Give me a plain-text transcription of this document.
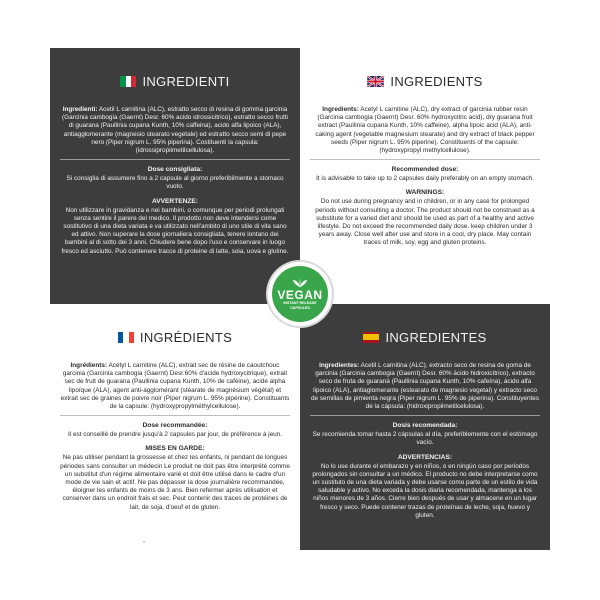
INGREDIENTI

Ingredienti: Acetil L carnitina (ALC), estratto secco di resina di gomma garcinia (Garcinia cambogia (Gaernt) Desr. 60% acido idrossicitrico), estratto secco frutti di guarana (Paullinia cupana Kunth, 10% caffeina), acido alfa lipoico (ALA), antiagglomerante (magnesio stearato vegetale) ed estratto secco semi di pepe nero (Piper nigrum L. 95% piperina). Costituenti la capsula: (idrossipropilmetilcellulosa).

Dose consigliata:

Si consiglia di assumere fino a 2 capsule al giorno preferibilmente a stomaco vuoto.

AVVERTENZE:

Non utilizzare in gravidanza e nei bambini, o comunque per periodi prolungati senza sentire il parere del medico. Il prodotto non deve intendersi come sostitutivo di una dieta variata e va utilizzato nell'ambito di uno stile di vita sano ed attivo. Non superare la dose giornaliera consigliata, tenere lontano dei bambini al di sotto dei 3 anni. Chiudere bene dopo l'uso e conservare in luogo fresco ed asciutto. Può contenere tracce di proteine di latte, soia, uova e glutine.

INGREDIENTS

Ingredients: Acetyl L carnitine (ALC), dry extract of garcinia rubber resin (Garcinia cambogia (Gaernt) Desr. 60% hydroxycitric acid), dry guarana fruit extract (Paullinia cupana Kunth, 10% caffeine), alpha lipoic acid (ALA), anti-caking agent (vegetable magnesium stearate) and dry extract of black pepper seeds (Piper nigrum L. 95% piperine). Constituents of the capsule: (hydroxypropyl methylcellulose).

Recommended dose:

It is advisable to take up to 2 capsules daily preferably on an empty stomach.

WARNINGS:

Do not use during pregnancy and in children, or in any case for prolonged periods without consulting a doctor. The product should not be construed as a substitute for a varied diet and should be used as part of a healthy and active lifestyle. Do not exceed the recommended daily dose. keep children under 3 years away. Close well after use and store in a cool, dry place. May contain traces of milk, soy, egg and gluten proteins.

INGRÉDIENTS

Ingrédients: Acétyl L carnitine (ALC), extrait sec de résine de caoutchouc garcinia (Garcinia cambogia (Gaernt) Desr.60% d'acide hydroxycitrique), extrait sec de fruit de guarana (Paullinia cupana Kunth, 10% de caféine), acide alpha lipoïque (ALA), agent anti-agglomérant (stéarate de magnésium végétal) et extrait sec de graines de poivre noir (Piper nigrum L. 95% pipérine). Constituants de la capsule: (hydroxypropylméthylcellulose).

Dose recommandée:

Il est conseillé de prendre jusqu'à 2 capsules par jour, de préférence à jeun.

MISES EN GARDE:

Ne pas utiliser pendant la grossesse et chez les enfants, ni pendant de longues périodes sans consulter un médecin Le produit ne doit pas être interprété comme un substitut d'un régime alimentaire varié et doit être utilisé dans le cadre d'un mode de vie sain et actif. Ne pas dépasser la dose journalière recommandée, éloigner les enfants de moins de 3 ans. Bien refermer après utilisation et conserver dans un endroit frais et sec. Peut contenir des traces de protéines de lait, de soja, d'oeuf et de gluten.

INGREDIENTES

Ingredientes: Acetil L carnitina (ALC), extracto seco de resina de goma de garcinia (Garcinia cambogia (Gaernt) Desr. 60% ácido hidroxicítrico), extracto seco de fruta de guaraná (Paullinia cupana Kunth, 10% cafeína), ácido alfa lipoico (ALA), antiaglomerante (estearato de magnesio vegetal) y extracto seco de semillas de pimienta negra (Piper nigrum L. 95% de piperina). Constituyentes de la cápsula: (hidroxipropilmetilcelulosa).

Dosis recomendada:

Se recomienda tomar hasta 2 cápsulas al día, preferiblemente con el estómago vacío.

ADVERTENCIAS:

No lo use durante el embarazo y en niños, o en ningún caso por períodos prolongados sin consultar a un médico. El producto no debe interpretarse como un sustituto de una dieta variada y debe usarse como parte de un estilo de vida saludable y activo. No exceda la dosis diaria recomendada, mantenga a los niños menores de 3 años. Cierre bien después de usar y almacene en un lugar fresco y seco. Puede contener trazas de proteínas de leche, soja, huevo y gluten.

VEGAN
INSTANT RELEASE CAPSULES
,
